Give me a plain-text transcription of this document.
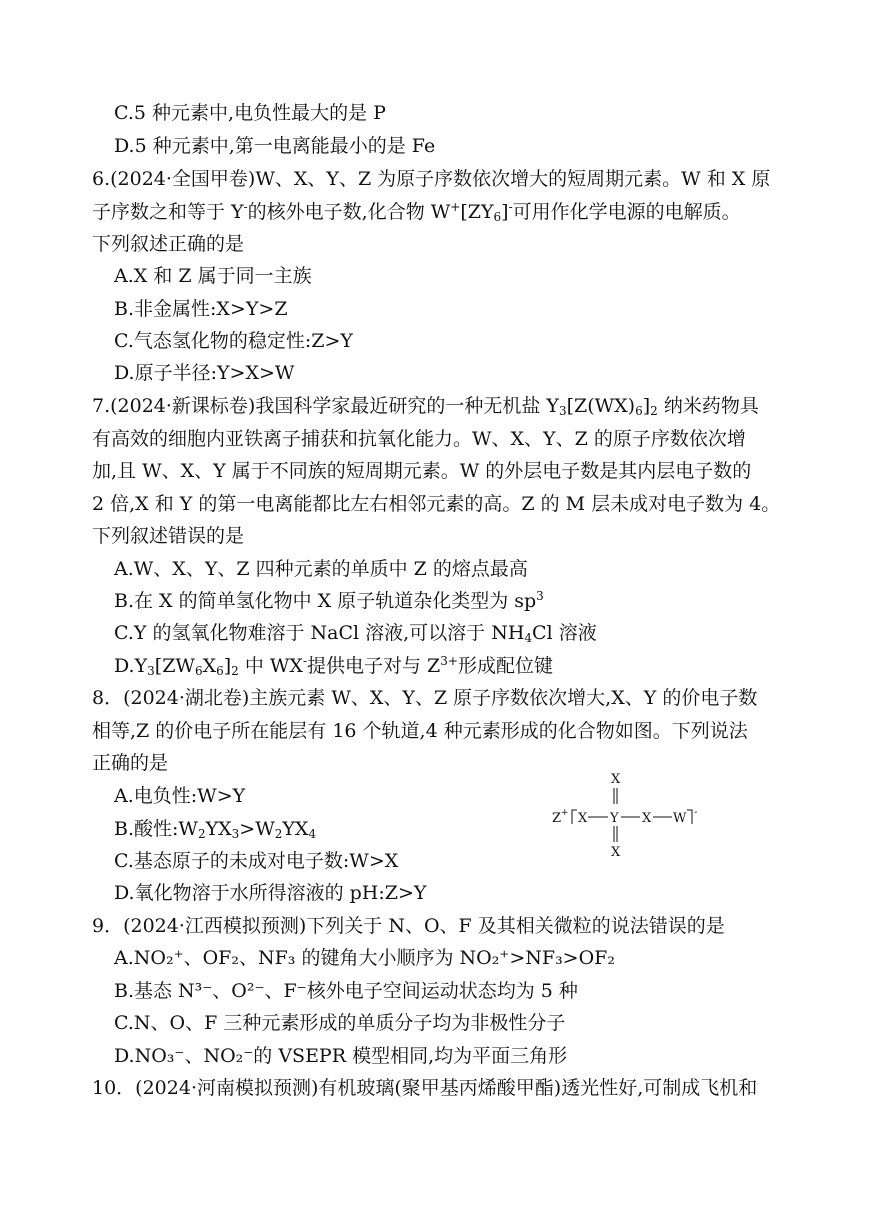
C.5 种元素中,电负性最大的是 P
D.5 种元素中,第一电离能最小的是 Fe
6.(2024·全国甲卷)W、X、Y、Z 为原子序数依次增大的短周期元素。W 和 X 原
子序数之和等于 Y-的核外电子数,化合物 $W^+[ZY_6]^-$可用作化学电源的电解质。
下列叙述正确的是
A.X 和 Z 属于同一主族
B.非金属性:X>Y>Z
C.气态氢化物的稳定性:Z>Y
D.原子半径:Y>X>W
7.(2024·新课标卷)我国科学家最近研究的一种无机盐 $Y_3[Z(WX)_6]_2$ 纳米药物具
有高效的细胞内亚铁离子捕获和抗氧化能力。W、X、Y、Z 的原子序数依次增
加,且 W、X、Y 属于不同族的短周期元素。W 的外层电子数是其内层电子数的
2 倍,X 和 Y 的第一电离能都比左右相邻元素的高。Z 的 M 层未成对电子数为 4。
下列叙述错误的是
A.W、X、Y、Z 四种元素的单质中 Z 的熔点最高
B.在 X 的简单氢化物中 X 原子轨道杂化类型为 $sp^3$
C.Y 的氢氧化物难溶于 NaCl 溶液,可以溶于 $NH_4Cl$ 溶液
$D.Y_3[ZW_6X_6]_2$ 中 WX-提供电子对与 $Z^{3+}$形成配位键
8．(2024·湖北卷)主族元素 W、X、Y、Z 原子序数依次增大,X、Y 的价电子数
相等,Z 的价电子所在能层有 16 个轨道,4 种元素形成的化合物如图。下列说法
正确的是
A.电负性:W>Y
B.酸性$:W_2YX_3>W_2YX_4$
C.基态原子的未成对电子数:W>X
D.氧化物溶于水所得溶液的 pH:Z>Y
X
Z + X Y X W -
X
9．(2024·江西模拟预测)下列关于 N、O、F 及其相关微粒的说法错误的是
A.NO₂⁺、OF₂、NF₃ 的键角大小顺序为 NO₂⁺>NF₃>OF₂
B.基态 N³⁻、O²⁻、F⁻核外电子空间运动状态均为 5 种
C.N、O、F 三种元素形成的单质分子均为非极性分子
D.NO₃⁻、NO₂⁻的 VSEPR 模型相同,均为平面三角形
10．(2024·河南模拟预测)有机玻璃(聚甲基丙烯酸甲酯)透光性好,可制成飞机和
